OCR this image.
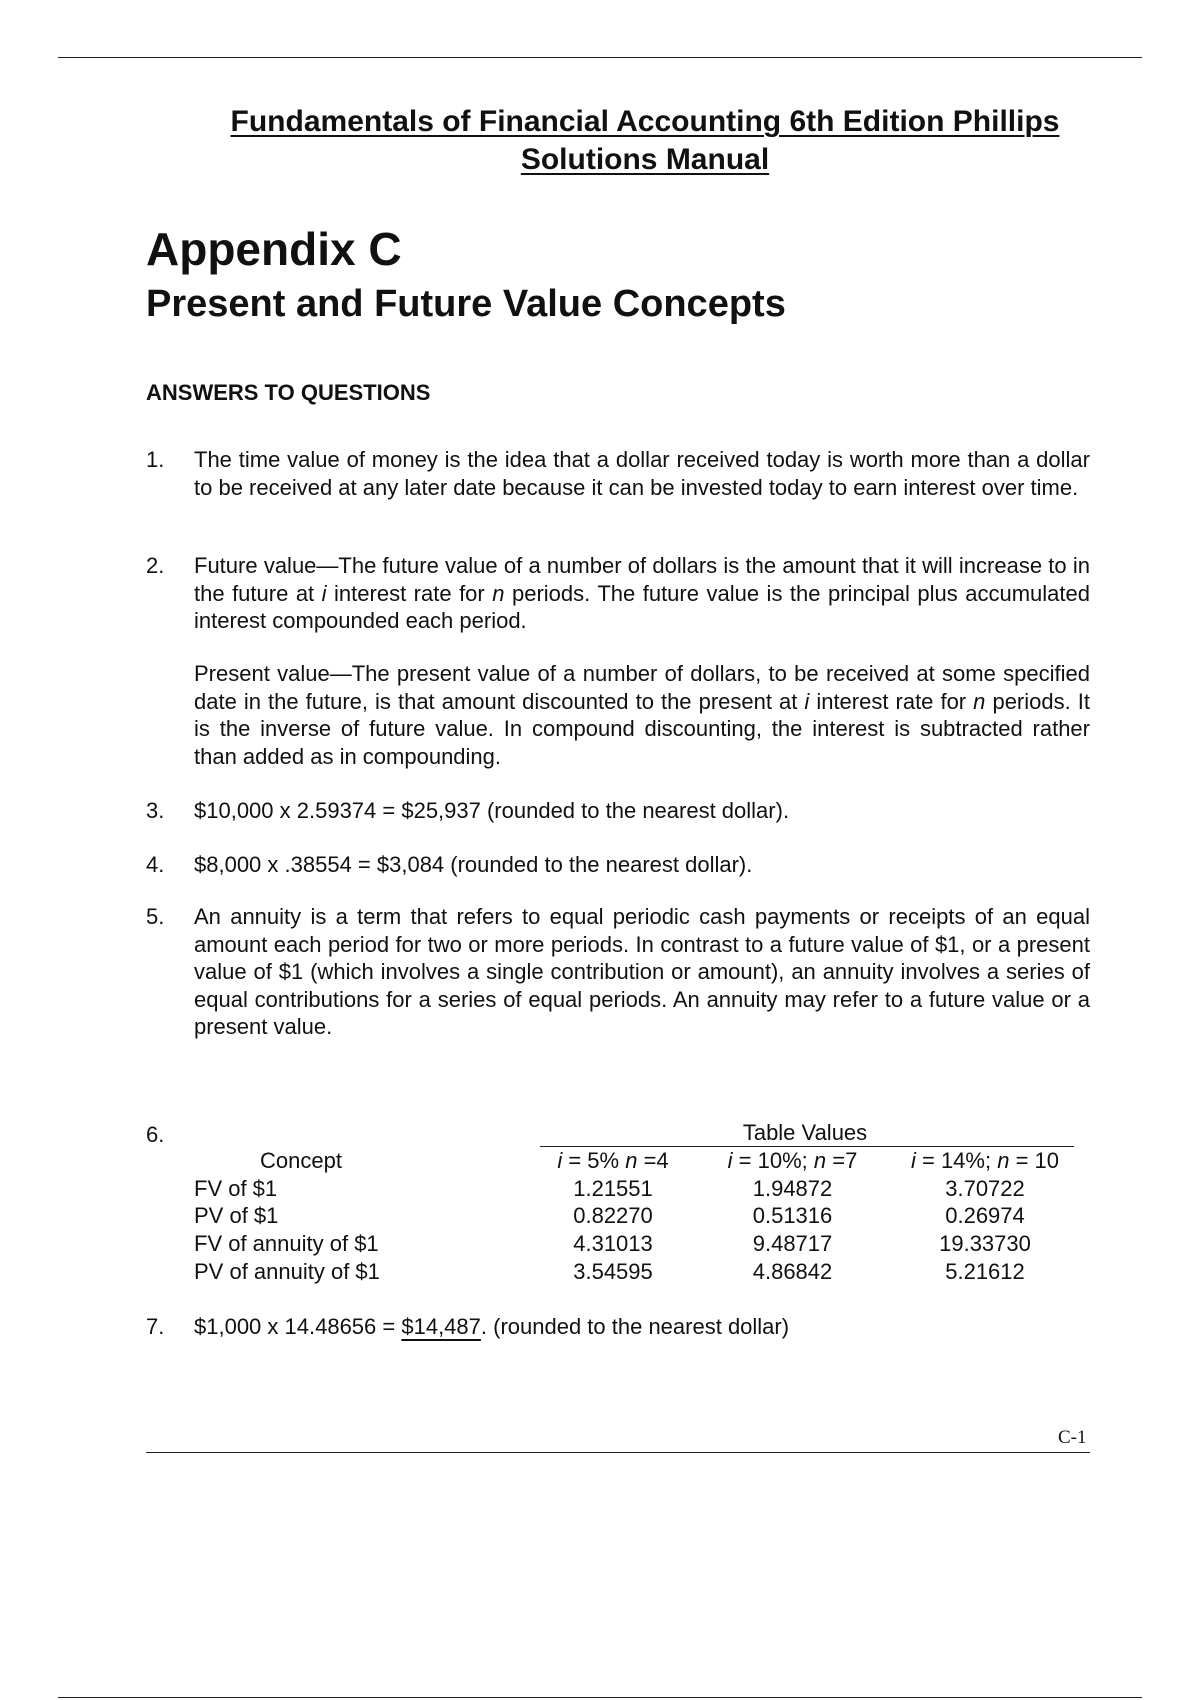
Fundamentals of Financial Accounting 6th Edition Phillips
Solutions Manual
Appendix C
Present and Future Value Concepts
ANSWERS TO QUESTIONS
1. The time value of money is the idea that a dollar received today is worth more than a dollar to be received at any later date because it can be invested today to earn interest over time.
2. Future value—The future value of a number of dollars is the amount that it will increase to in the future at i interest rate for n periods. The future value is the principal plus accumulated interest compounded each period.
Present value—The present value of a number of dollars, to be received at some specified date in the future, is that amount discounted to the present at i interest rate for n periods. It is the inverse of future value. In compound discounting, the interest is subtracted rather than added as in compounding.
3. $10,000 x 2.59374 = $25,937 (rounded to the nearest dollar).
4. $8,000 x .38554 = $3,084 (rounded to the nearest dollar).
5. An annuity is a term that refers to equal periodic cash payments or receipts of an equal amount each period for two or more periods. In contrast to a future value of $1, or a present value of $1 (which involves a single contribution or amount), an annuity involves a series of equal contributions for a series of equal periods. An annuity may refer to a future value or a present value.
6.	Table Values
Concept	i = 5% n =4	i = 10%; n =7	i = 14%; n = 10
FV of $1	1.21551	1.94872	3.70722
PV of $1	0.82270	0.51316	0.26974
FV of annuity of $1	4.31013	9.48717	19.33730
PV of annuity of $1	3.54595	4.86842	5.21612
7. $1,000 x 14.48656 = $14,487. (rounded to the nearest dollar)
C-1
